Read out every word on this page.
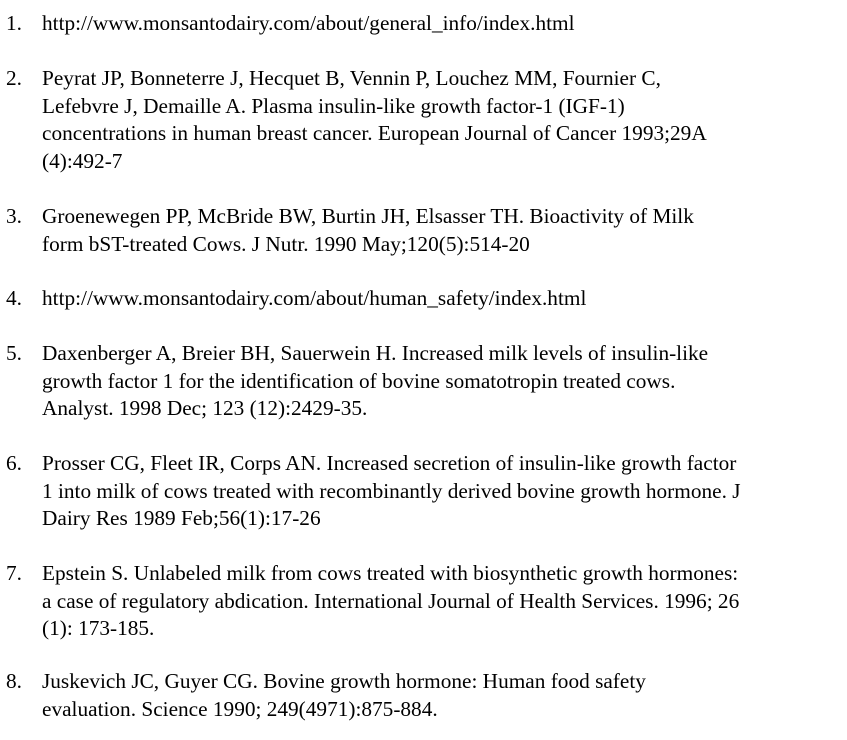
1. http://www.monsantodairy.com/about/general_info/index.html
2. Peyrat JP, Bonneterre J, Hecquet B, Vennin P, Louchez MM, Fournier C,
Lefebvre J, Demaille A. Plasma insulin-like growth factor-1 (IGF-1)
concentrations in human breast cancer. European Journal of Cancer 1993;29A
(4):492-7
3. Groenewegen PP, McBride BW, Burtin JH, Elsasser TH. Bioactivity of Milk
form bST-treated Cows. J Nutr. 1990 May;120(5):514-20
4. http://www.monsantodairy.com/about/human_safety/index.html
5. Daxenberger A, Breier BH, Sauerwein H. Increased milk levels of insulin-like
growth factor 1 for the identification of bovine somatotropin treated cows.
Analyst. 1998 Dec; 123 (12):2429-35.
6. Prosser CG, Fleet IR, Corps AN. Increased secretion of insulin-like growth factor
1 into milk of cows treated with recombinantly derived bovine growth hormone. J
Dairy Res 1989 Feb;56(1):17-26
7. Epstein S. Unlabeled milk from cows treated with biosynthetic growth hormones:
a case of regulatory abdication. International Journal of Health Services. 1996; 26
(1): 173-185.
8. Juskevich JC, Guyer CG. Bovine growth hormone: Human food safety
evaluation. Science 1990; 249(4971):875-884.
